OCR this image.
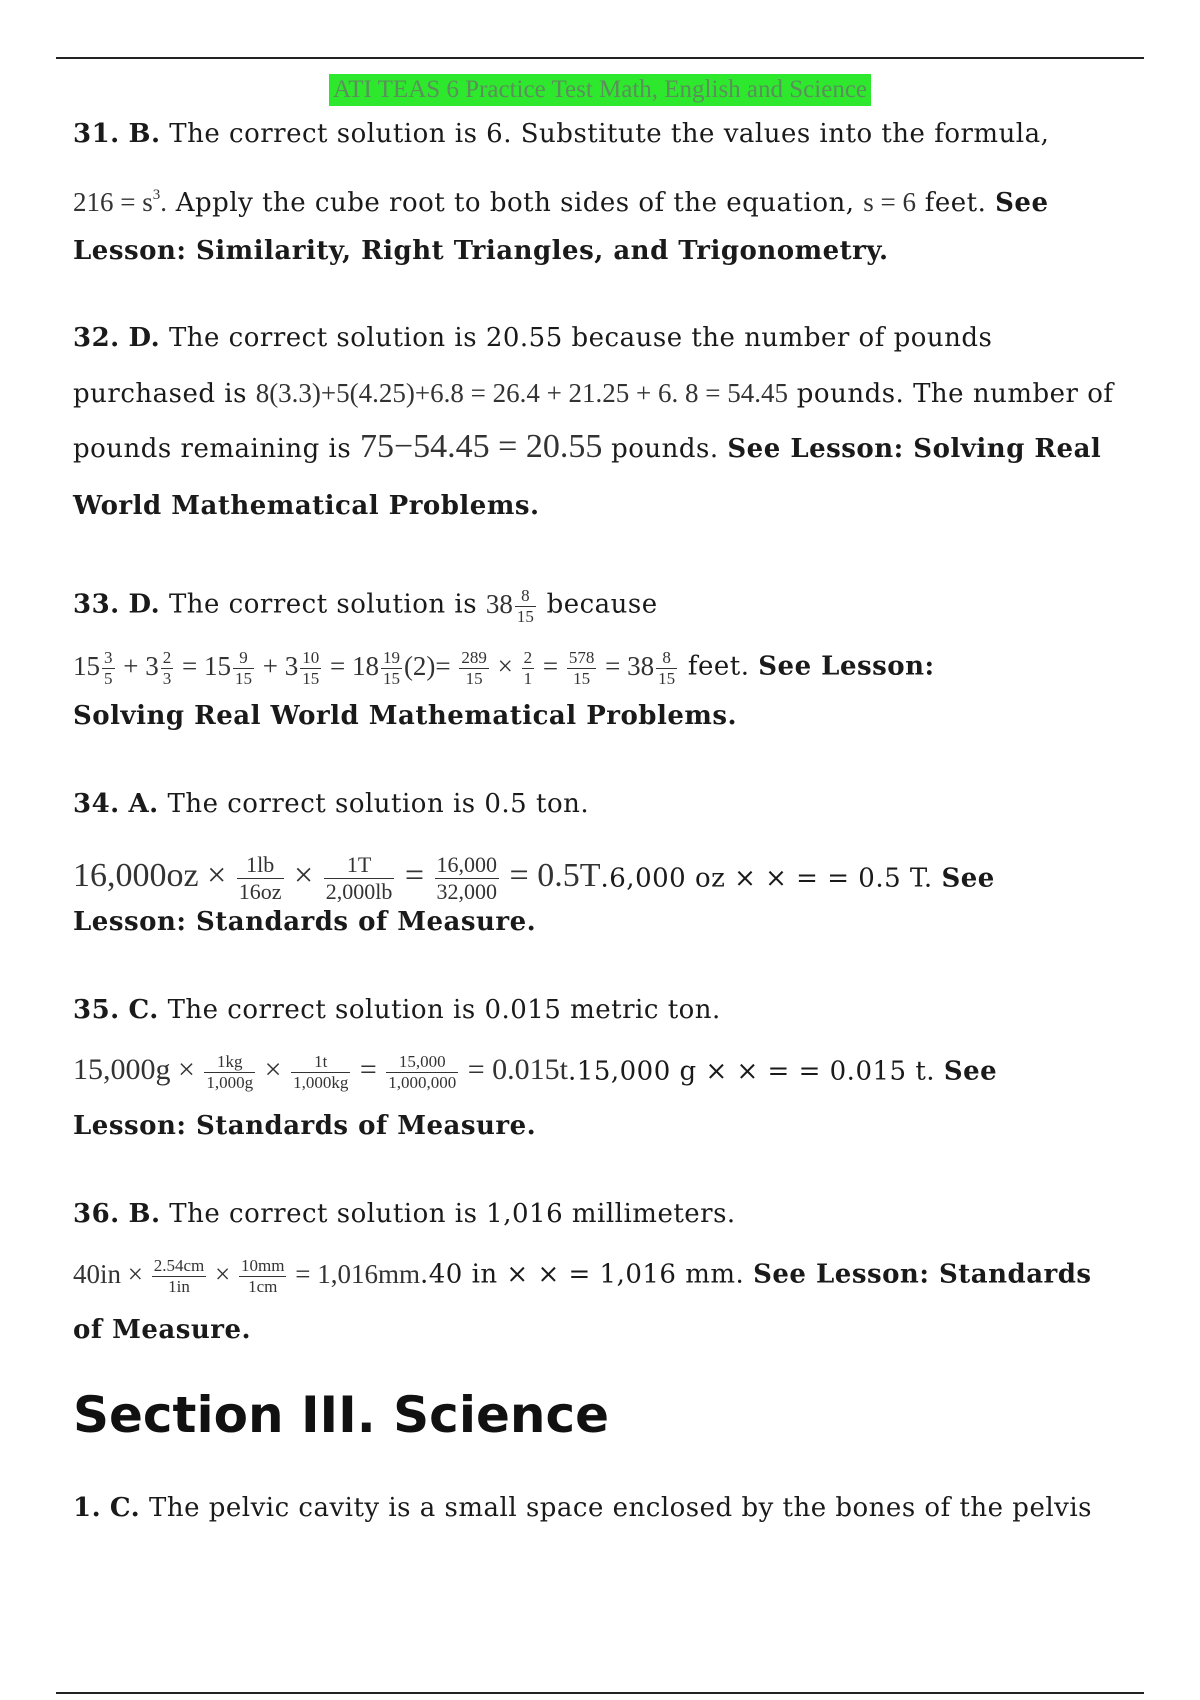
ATI TEAS 6 Practice Test Math, English and Science
31. B. The correct solution is 6. Substitute the values into the formula,
$216 = s^3$. Apply the cube root to both sides of the equation, s = 6 feet. See
Lesson: Similarity, Right Triangles, and Trigonometry.
32. D. The correct solution is 20.55 because the number of pounds
purchased is 8(3.3)+5(4.25)+6.8 = 26.4 + 21.25 + 6. 8 = 54.45 pounds. The number of
pounds remaining is 75−54.45 = 20.55 pounds. See Lesson: Solving Real
World Mathematical Problems.
33. D. The correct solution is $38 \frac{8}{15}$ because
$15 \frac{3}{5} + 3 \frac{2}{3} = 15 \frac{9}{15} + 3 \frac{10}{15} = 18 \frac{19}{15} (2)= \frac{289}{15} \times \frac{2}{1} = \frac{578}{15} = 38 \frac{8}{15}$ feet. See Lesson:
Solving Real World Mathematical Problems.
34. A. The correct solution is 0.5 ton.
$16,000oz \times \frac{1lb}{16oz} \times \frac{1T}{2,000lb} = \frac{16,000}{32,000} = 0.5T.6,000$ oz × × = = 0.5 T. See
Lesson: Standards of Measure.
35. C. The correct solution is 0.015 metric ton.
$15,000g \times \frac{1kg}{1,000g} \times \frac{1t}{1,000kg} = \frac{15,000}{1,000,000} = 0.015t.15,000$ g × × = = 0.015 t. See
Lesson: Standards of Measure.
36. B. The correct solution is 1,016 millimeters.
$40in \times \frac{2.54cm}{1in} \times \frac{10mm}{1cm} = 1,016mm.40$ in × × = 1,016 mm. See Lesson: Standards
of Measure.
1. C. The pelvic cavity is a small space enclosed by the bones of the pelvis
Section III. Science
